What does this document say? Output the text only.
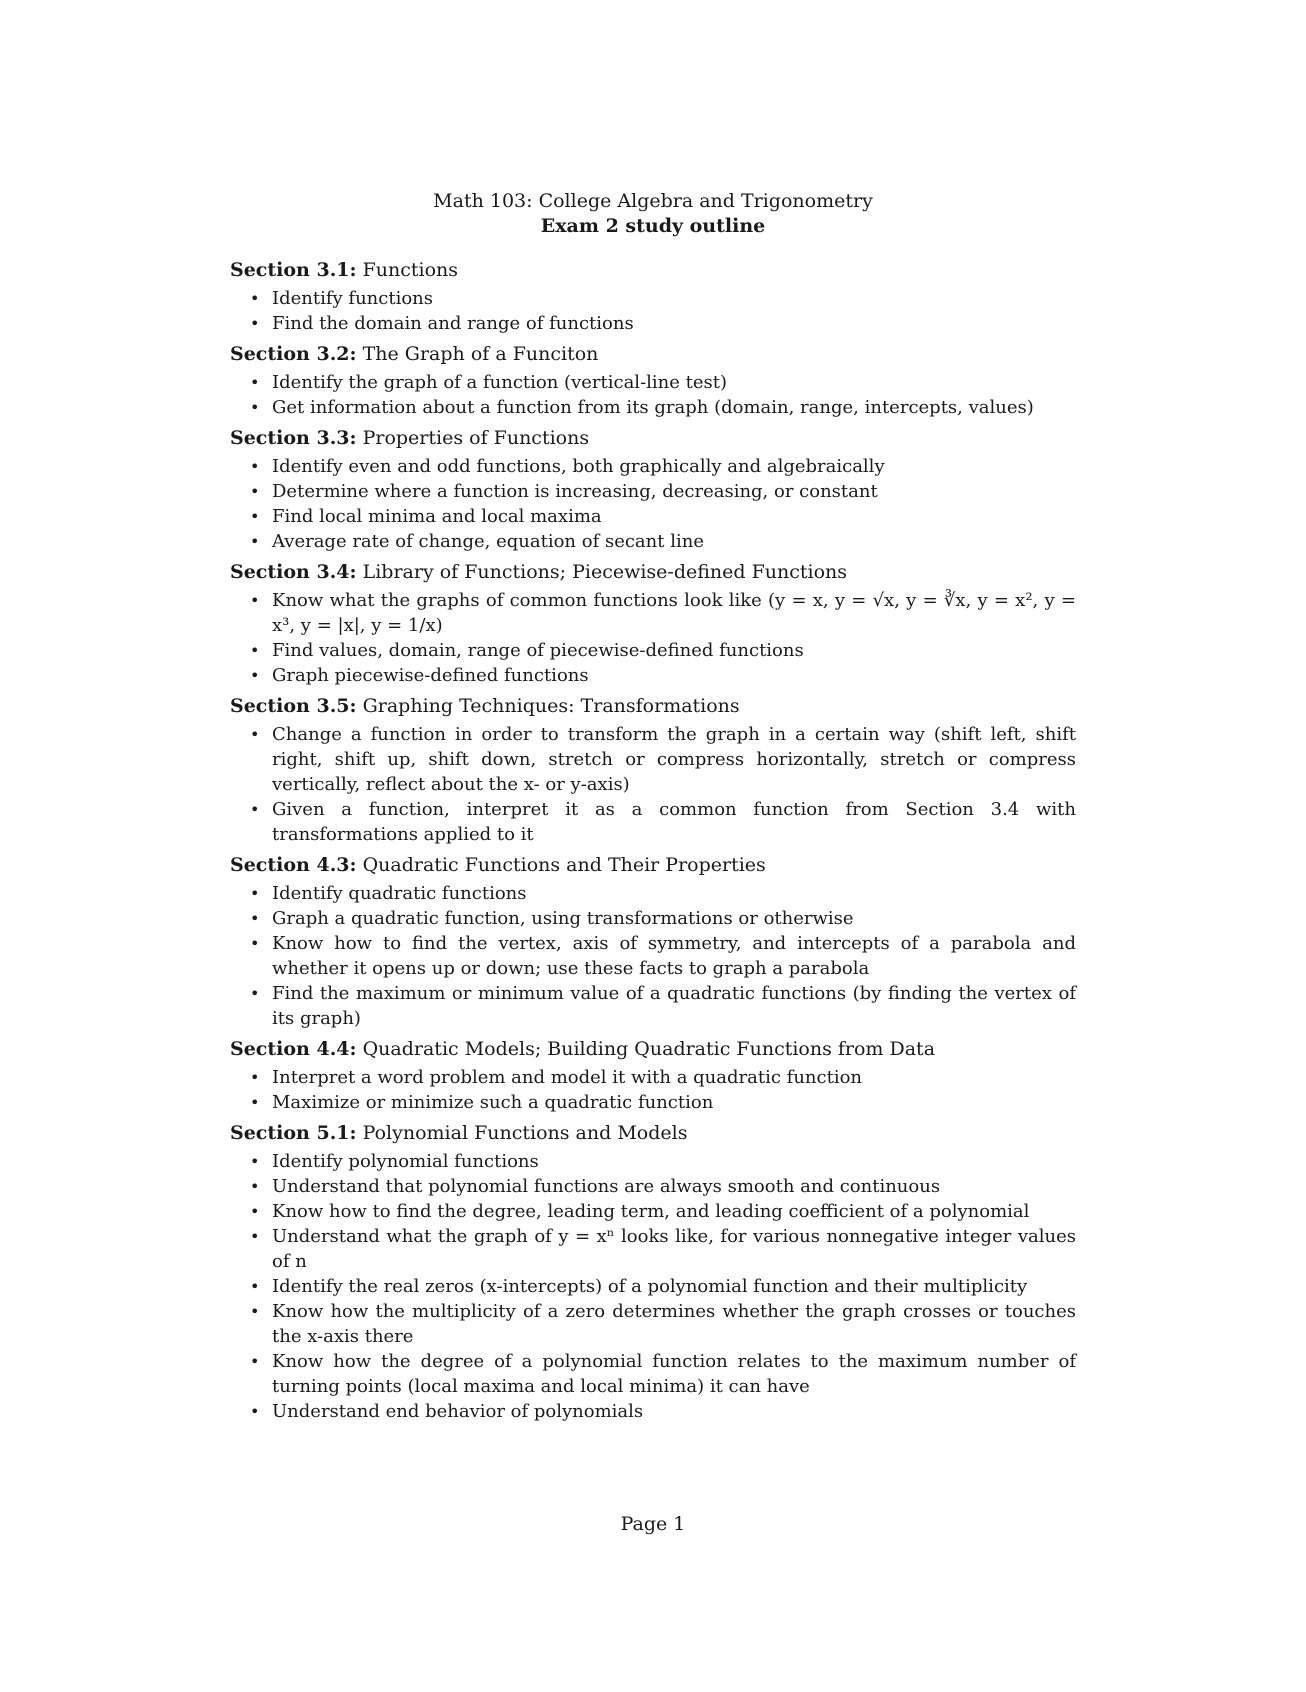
Math 103: College Algebra and Trigonometry
Exam 2 study outline
Section 3.1: Functions
• Identify functions
• Find the domain and range of functions
Section 3.2: The Graph of a Funciton
• Identify the graph of a function (vertical-line test)
• Get information about a function from its graph (domain, range, intercepts, values)
Section 3.3: Properties of Functions
• Identify even and odd functions, both graphically and algebraically
• Determine where a function is increasing, decreasing, or constant
• Find local minima and local maxima
• Average rate of change, equation of secant line
Section 3.4: Library of Functions; Piecewise-defined Functions
• Know what the graphs of common functions look like (y = x, y = √x, y = ∛x, y = x², y = x³, y = |x|, y = 1/x)
• Find values, domain, range of piecewise-defined functions
• Graph piecewise-defined functions
Section 3.5: Graphing Techniques: Transformations
• Change a function in order to transform the graph in a certain way (shift left, shift right, shift up, shift down, stretch or compress horizontally, stretch or compress vertically, reflect about the x- or y-axis)
• Given a function, interpret it as a common function from Section 3.4 with transformations applied to it
Section 4.3: Quadratic Functions and Their Properties
• Identify quadratic functions
• Graph a quadratic function, using transformations or otherwise
• Know how to find the vertex, axis of symmetry, and intercepts of a parabola and whether it opens up or down; use these facts to graph a parabola
• Find the maximum or minimum value of a quadratic functions (by finding the vertex of its graph)
Section 4.4: Quadratic Models; Building Quadratic Functions from Data
• Interpret a word problem and model it with a quadratic function
• Maximize or minimize such a quadratic function
Section 5.1: Polynomial Functions and Models
• Identify polynomial functions
• Understand that polynomial functions are always smooth and continuous
• Know how to find the degree, leading term, and leading coefficient of a polynomial
• Understand what the graph of y = xⁿ looks like, for various nonnegative integer values of n
• Identify the real zeros (x-intercepts) of a polynomial function and their multiplicity
• Know how the multiplicity of a zero determines whether the graph crosses or touches the x-axis there
• Know how the degree of a polynomial function relates to the maximum number of turning points (local maxima and local minima) it can have
• Understand end behavior of polynomials
Page 1
